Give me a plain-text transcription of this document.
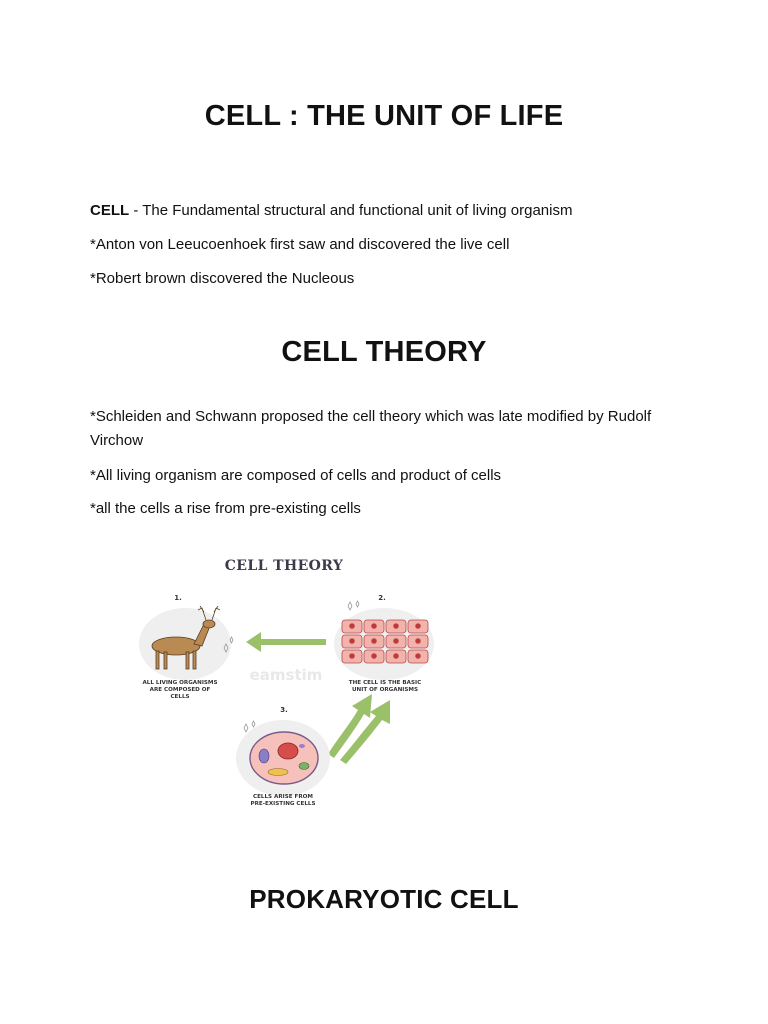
CELL : THE UNIT OF LIFE
CELL - The Fundamental structural and functional unit of living organism
*Anton von Leeucoenhoek first saw and discovered the live cell
*Robert brown discovered the Nucleous
CELL THEORY
*Schleiden and Schwann proposed the cell theory which was late modified by Rudolf Virchow
*All living organism are composed of cells and product of cells
*all the cells a rise from pre-existing cells
CELL THEORY
eamstim
1.
ALL LIVING ORGANISMS
ARE COMPOSED OF
CELLS
2.
THE CELL IS THE BASIC
UNIT OF ORGANISMS
3.
CELLS ARISE FROM
PRE-EXISTING CELLS
PROKARYOTIC CELL
